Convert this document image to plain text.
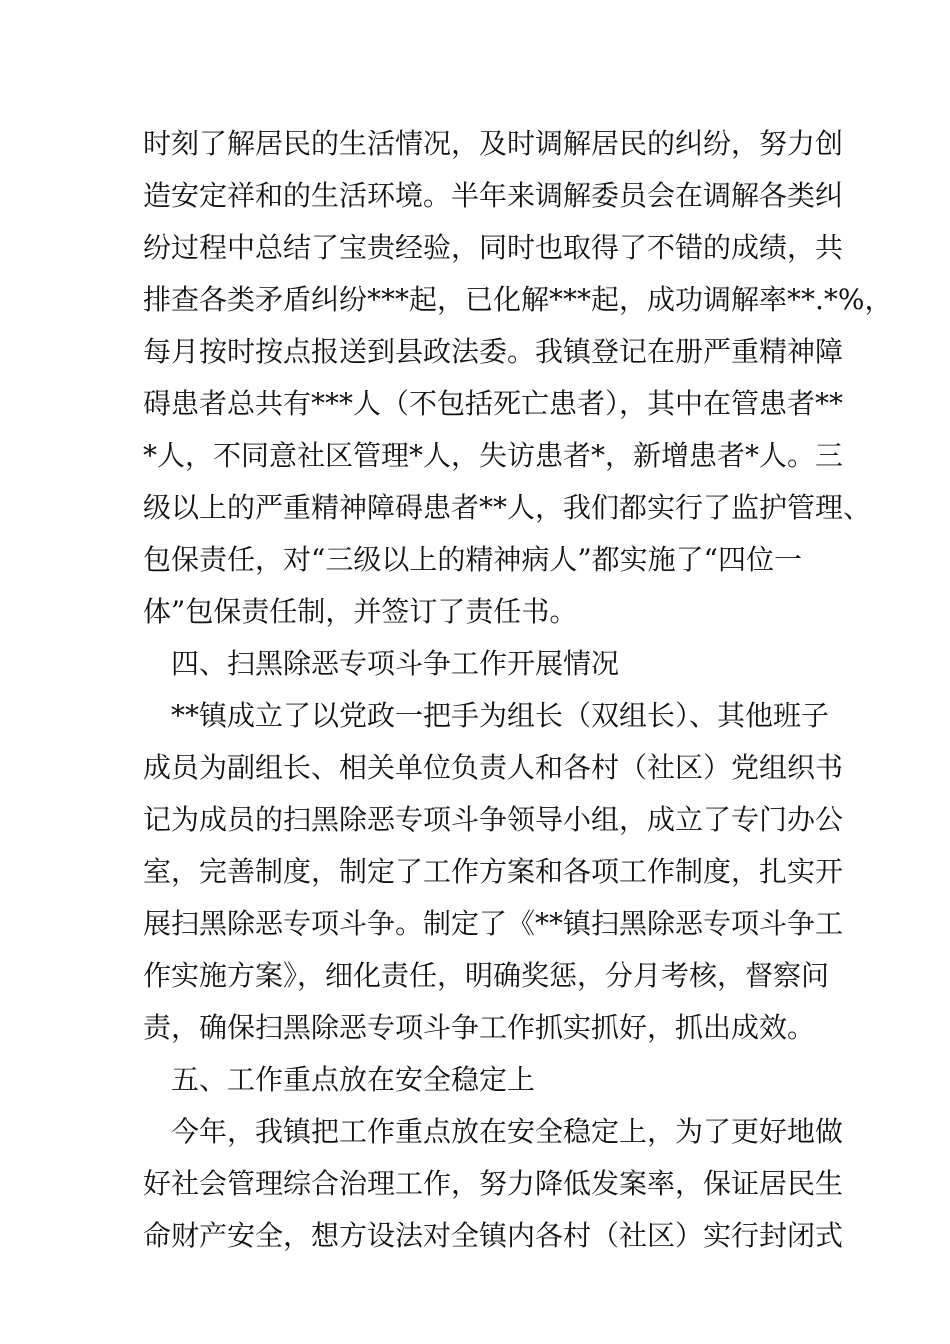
时刻了解居民的生活情况，及时调解居民的纠纷，努力创
造安定祥和的生活环境。半年来调解委员会在调解各类纠
纷过程中总结了宝贵经验，同时也取得了不错的成绩，共
排查各类矛盾纠纷***起，已化解***起，成功调解率**.*%，
每月按时按点报送到县政法委。我镇登记在册严重精神障
碍患者总共有***人（不包括死亡患者），其中在管患者**
*人，不同意社区管理*人，失访患者*，新增患者*人。三
级以上的严重精神障碍患者**人，我们都实行了监护管理、
包保责任，对“三级以上的精神病人”都实施了“四位一
体”包保责任制，并签订了责任书。
　四、扫黑除恶专项斗争工作开展情况
　**镇成立了以党政一把手为组长（双组长）、其他班子
成员为副组长、相关单位负责人和各村（社区）党组织书
记为成员的扫黑除恶专项斗争领导小组，成立了专门办公
室，完善制度，制定了工作方案和各项工作制度，扎实开
展扫黑除恶专项斗争。制定了《**镇扫黑除恶专项斗争工
作实施方案》，细化责任，明确奖惩，分月考核，督察问
责，确保扫黑除恶专项斗争工作抓实抓好，抓出成效。
　五、工作重点放在安全稳定上
　今年，我镇把工作重点放在安全稳定上，为了更好地做
好社会管理综合治理工作，努力降低发案率，保证居民生
命财产安全，想方设法对全镇内各村（社区）实行封闭式
